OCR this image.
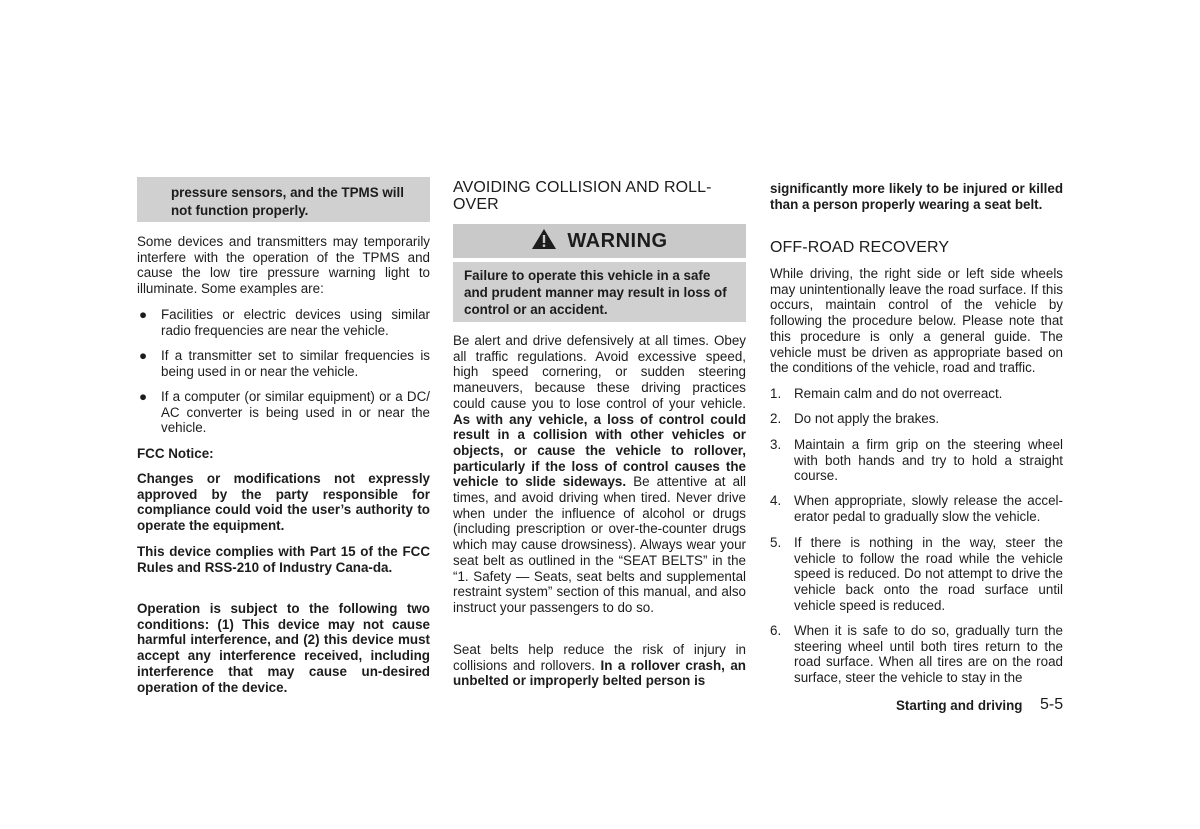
pressure sensors, and the TPMS will not function properly.

Some devices and transmitters may temporarily interfere with the operation of the TPMS and cause the low tire pressure warning light to illuminate. Some examples are:

● Facilities or electric devices using similar radio frequencies are near the vehicle.
● If a transmitter set to similar frequencies is being used in or near the vehicle.
● If a computer (or similar equipment) or a DC/ AC converter is being used in or near the vehicle.

FCC Notice:

Changes or modifications not expressly approved by the party responsible for compliance could void the user’s authority to operate the equipment.

This device complies with Part 15 of the FCC Rules and RSS-210 of Industry Cana-da.

Operation is subject to the following two conditions: (1) This device may not cause harmful interference, and (2) this device must accept any interference received, including interference that may cause un-desired operation of the device.

AVOIDING COLLISION AND ROLL-OVER
WARNING

Failure to operate this vehicle in a safe and prudent manner may result in loss of control or an accident.

Be alert and drive defensively at all times. Obey all traffic regulations. Avoid excessive speed, high speed cornering, or sudden steering maneuvers, because these driving practices could cause you to lose control of your vehicle. As with any vehicle, a loss of control could result in a collision with other vehicles or objects, or cause the vehicle to rollover, particularly if the loss of control causes the vehicle to slide sideways. Be attentive at all times, and avoid driving when tired. Never drive when under the influence of alcohol or drugs (including prescription or over-the-counter drugs which may cause drowsiness). Always wear your seat belt as outlined in the “SEAT BELTS” in the “1. Safety — Seats, seat belts and supplemental restraint system” section of this manual, and also instruct your passengers to do so.

Seat belts help reduce the risk of injury in collisions and rollovers. In a rollover crash, an unbelted or improperly belted person is

significantly more likely to be injured or killed than a person properly wearing a seat belt.

OFF-ROAD RECOVERY

While driving, the right side or left side wheels may unintentionally leave the road surface. If this occurs, maintain control of the vehicle by following the procedure below. Please note that this procedure is only a general guide. The vehicle must be driven as appropriate based on the conditions of the vehicle, road and traffic.

1. Remain calm and do not overreact.
2. Do not apply the brakes.
3. Maintain a firm grip on the steering wheel with both hands and try to hold a straight course.
4. When appropriate, slowly release the accel-erator pedal to gradually slow the vehicle.
5. If there is nothing in the way, steer the vehicle to follow the road while the vehicle speed is reduced. Do not attempt to drive the vehicle back onto the road surface until vehicle speed is reduced.
6. When it is safe to do so, gradually turn the steering wheel until both tires return to the road surface. When all tires are on the road surface, steer the vehicle to stay in the
Starting and driving 5-5
